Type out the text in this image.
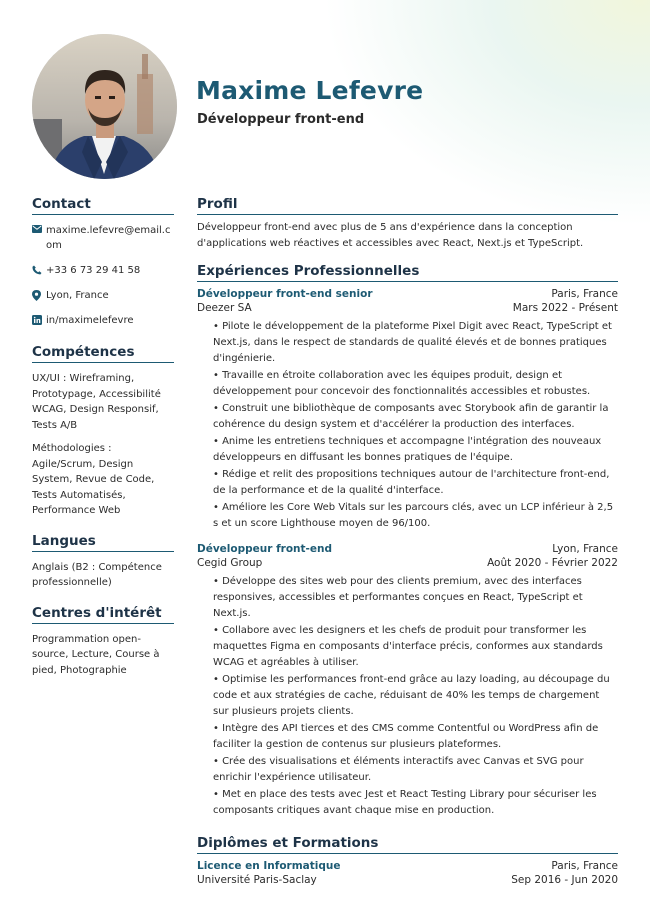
Maxime Lefevre
Développeur front-end
Contact
maxime.lefevre@email.com
+33 6 73 29 41 58
Lyon, France
in/maximelefevre
Compétences
UX/UI : Wireframing, Prototypage, Accessibilité WCAG, Design Responsif, Tests A/B
Méthodologies : Agile/Scrum, Design System, Revue de Code, Tests Automatisés, Performance Web
Langues
Anglais (B2 : Compétence professionnelle)
Centres d'intérêt
Programmation open-source, Lecture, Course à pied, Photographie
Profil
Développeur front-end avec plus de 5 ans d'expérience dans la conception d'applications web réactives et accessibles avec React, Next.js et TypeScript.
Expériences Professionnelles
Développeur front-end senior	Paris, France
Deezer SA	Mars 2022 - Présent
• Pilote le développement de la plateforme Pixel Digit avec React, TypeScript et Next.js, dans le respect de standards de qualité élevés et de bonnes pratiques d'ingénierie.
• Travaille en étroite collaboration avec les équipes produit, design et développement pour concevoir des fonctionnalités accessibles et robustes.
• Construit une bibliothèque de composants avec Storybook afin de garantir la cohérence du design system et d'accélérer la production des interfaces.
• Anime les entretiens techniques et accompagne l'intégration des nouveaux développeurs en diffusant les bonnes pratiques de l'équipe.
• Rédige et relit des propositions techniques autour de l'architecture front-end, de la performance et de la qualité d'interface.
• Améliore les Core Web Vitals sur les parcours clés, avec un LCP inférieur à 2,5 s et un score Lighthouse moyen de 96/100.
Développeur front-end	Lyon, France
Cegid Group	Août 2020 - Février 2022
• Développe des sites web pour des clients premium, avec des interfaces responsives, accessibles et performantes conçues en React, TypeScript et Next.js.
• Collabore avec les designers et les chefs de produit pour transformer les maquettes Figma en composants d'interface précis, conformes aux standards WCAG et agréables à utiliser.
• Optimise les performances front-end grâce au lazy loading, au découpage du code et aux stratégies de cache, réduisant de 40% les temps de chargement sur plusieurs projets clients.
• Intègre des API tierces et des CMS comme Contentful ou WordPress afin de faciliter la gestion de contenus sur plusieurs plateformes.
• Crée des visualisations et éléments interactifs avec Canvas et SVG pour enrichir l'expérience utilisateur.
• Met en place des tests avec Jest et React Testing Library pour sécuriser les composants critiques avant chaque mise en production.
Diplômes et Formations
Licence en Informatique	Paris, France
Université Paris-Saclay	Sep 2016 - Jun 2020
